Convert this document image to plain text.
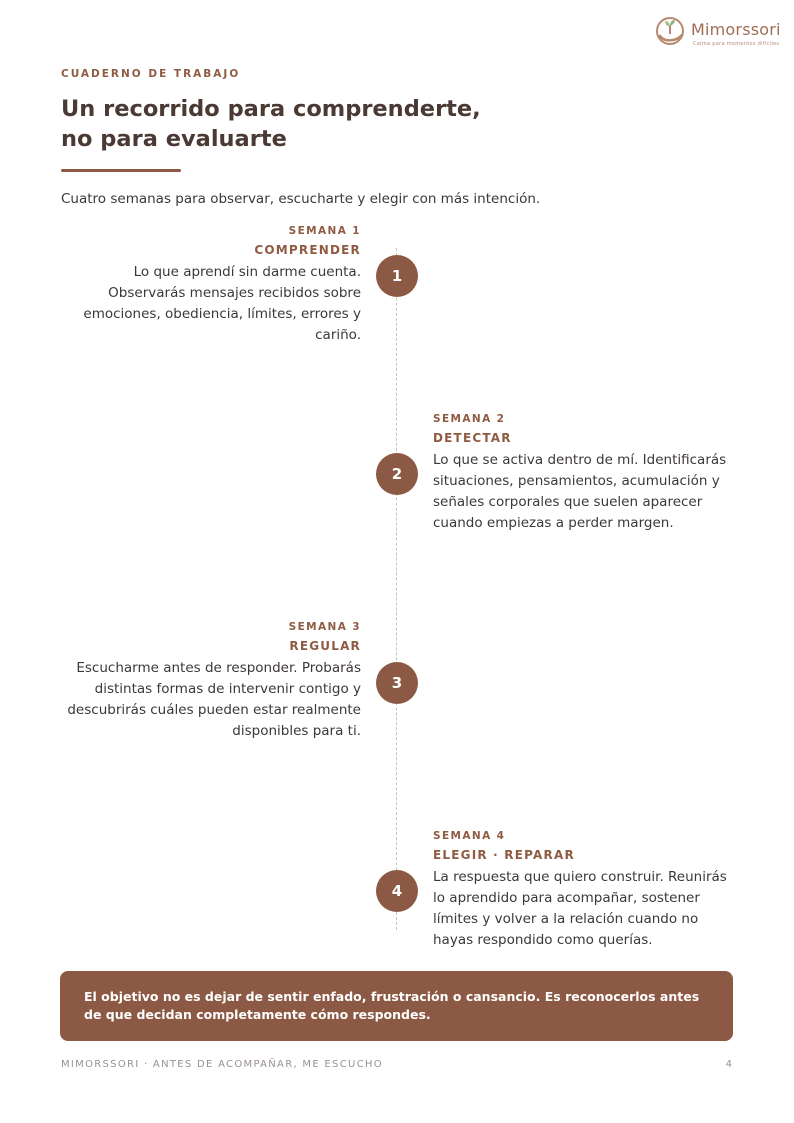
Mimorssori
Calma para momentos difíciles
CUADERNO DE TRABAJO
Un recorrido para comprenderte,
no para evaluarte
Cuatro semanas para observar, escucharte y elegir con más intención.
SEMANA 1
COMPRENDER
Lo que aprendí sin darme cuenta. Observarás mensajes recibidos sobre emociones, obediencia, límites, errores y cariño.
1
SEMANA 2
DETECTAR
Lo que se activa dentro de mí. Identificarás situaciones, pensamientos, acumulación y señales corporales que suelen aparecer cuando empiezas a perder margen.
2
SEMANA 3
REGULAR
Escucharme antes de responder. Probarás distintas formas de intervenir contigo y descubrirás cuáles pueden estar realmente disponibles para ti.
3
SEMANA 4
ELEGIR · REPARAR
La respuesta que quiero construir. Reunirás lo aprendido para acompañar, sostener límites y volver a la relación cuando no hayas respondido como querías.
4

El objetivo no es dejar de sentir enfado, frustración o cansancio. Es reconocerlos antes de que decidan completamente cómo respondes.

MIMORSSORI · ANTES DE ACOMPAÑAR, ME ESCUCHO	4
